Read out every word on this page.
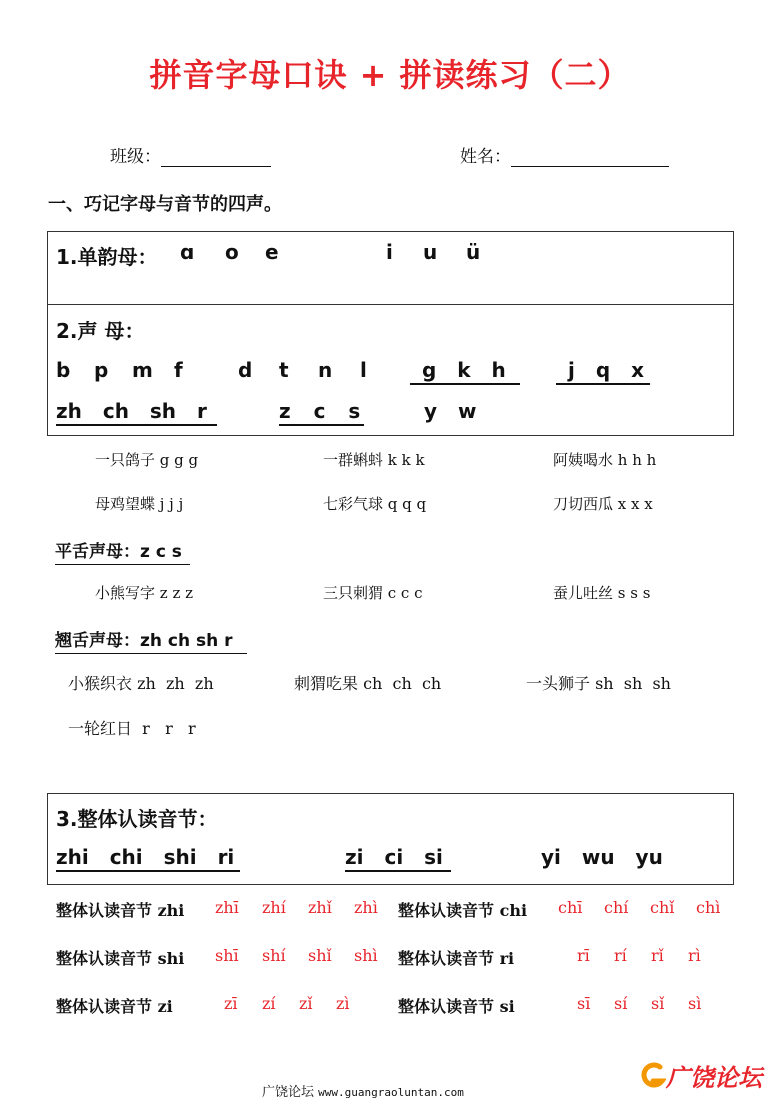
拼音字母口诀 + 拼读练习（二）
班级：	姓名：
一、巧记字母与音节的四声。
1.单韵母： ɑ o e	i u ü
2.声 母：
b p m f	d t n l	g k h	j q x
zh ch sh r	z c s	y w
一只鸽子 g g g	一群蝌蚪 k k k	阿姨喝水 h h h
母鸡望蝶 j j j	七彩气球 q q q	刀切西瓜 x x x
平舌声母：z c s
小熊写字 z z z	三只刺猬 c c c	蚕儿吐丝 s s s
翘舌声母：zh ch sh r
小猴织衣 zh  zh  zh	刺猬吃果 ch  ch  ch	一头狮子 sh  sh  sh
一轮红日  r   r   r
3.整体认读音节：
zhi chi shi ri	zi ci si	yi wu yu
整体认读音节 zhi zhī zhí zhǐ zhì 整体认读音节 chi chī chí chǐ chì
整体认读音节 shi shī shí shǐ shì 整体认读音节 ri	rī rí rǐ rì
整体认读音节 zi	zī zí zǐ zì	整体认读音节 si	sī sí sǐ sì
广饶论坛 www.guangraoluntan.com
广饶论坛
